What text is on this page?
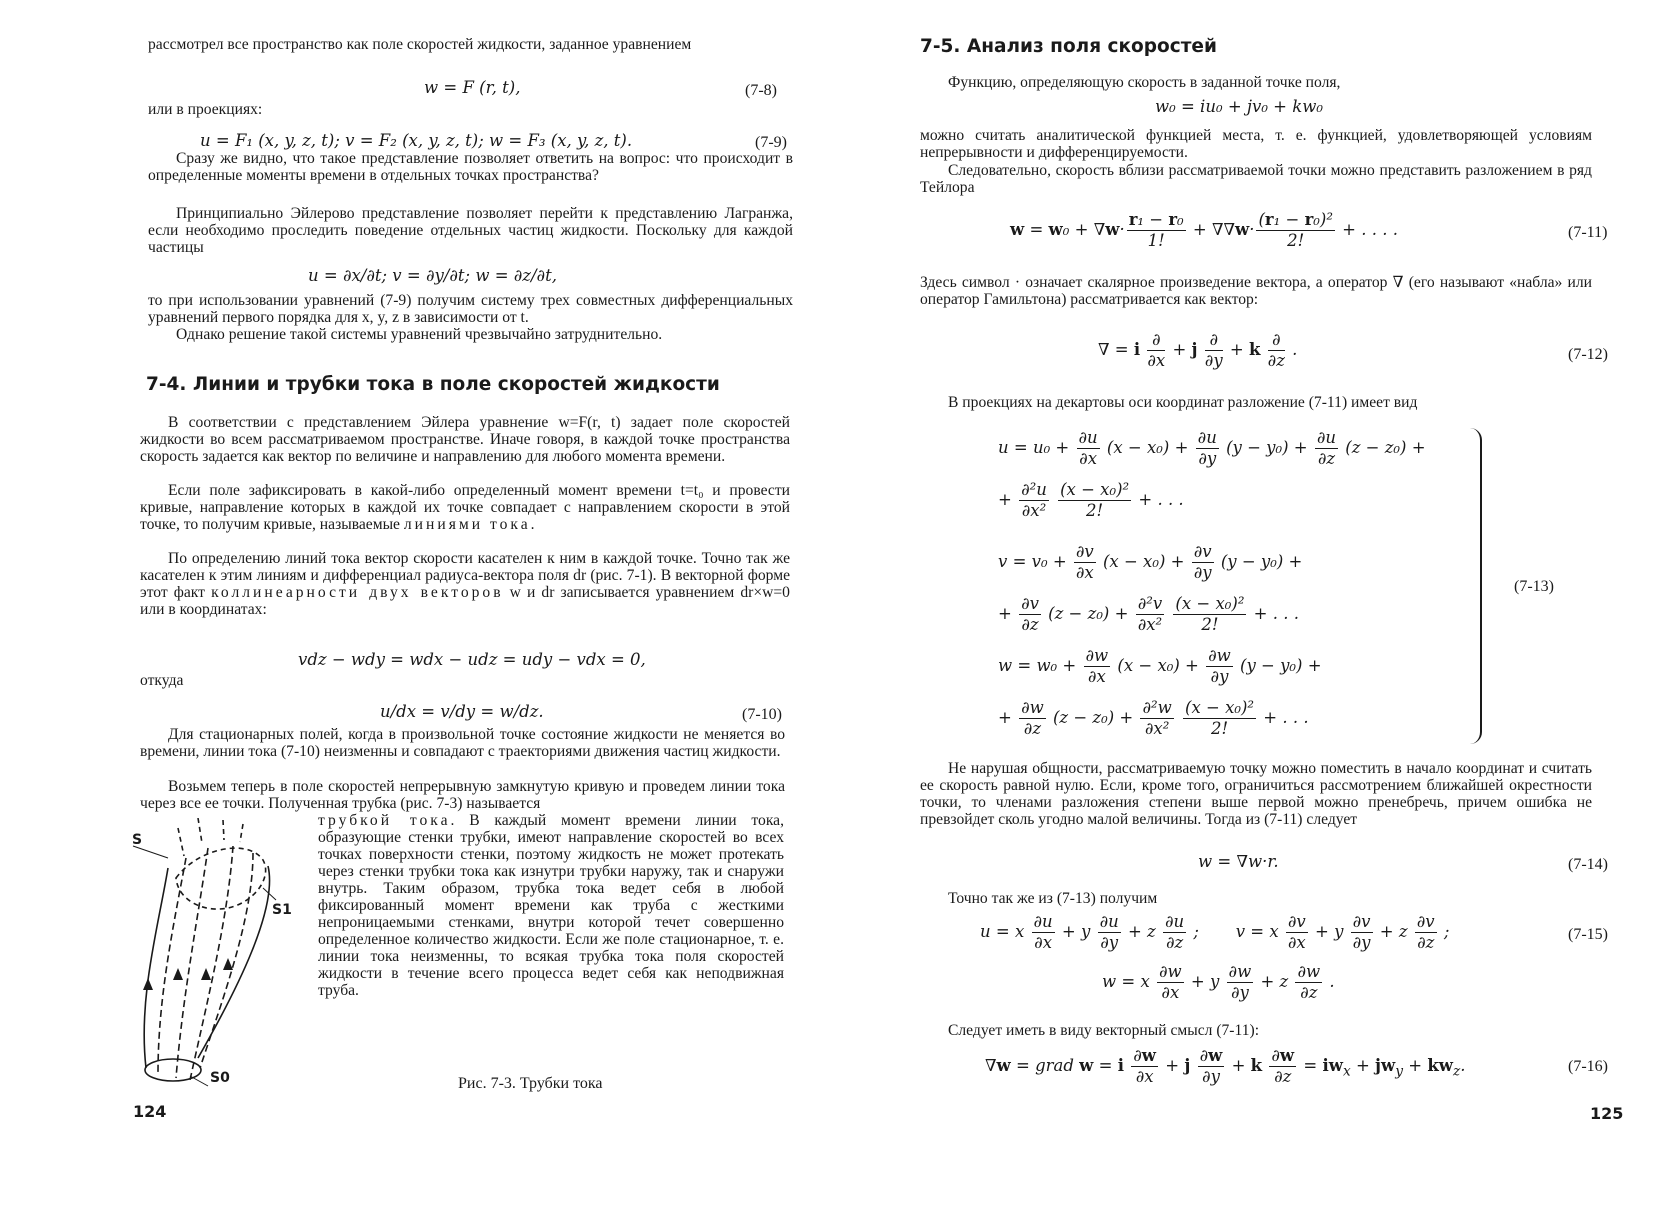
рассмотрел все пространство как поле скоростей жидкости, заданное уравнением

w = F (r, t),	(7-8)

или в проекциях:

u = F₁ (x, y, z, t); v = F₂ (x, y, z, t); w = F₃ (x, y, z, t).	(7-9)

Сразу же видно, что такое представление позволяет ответить на вопрос: что происходит в определенные моменты времени в отдельных точках пространства?

Принципиально Эйлерово представление позволяет перейти к представлению Лагранжа, если необходимо проследить поведение отдельных частиц жидкости. Поскольку для каждой частицы

u = ∂x/∂t; v = ∂y/∂t; w = ∂z/∂t,

то при использовании уравнений (7-9) получим систему трех совместных дифференциальных уравнений первого порядка для x, y, z в зависимости от t.

Однако решение такой системы уравнений чрезвычайно затруднительно.

7-4. Линии и трубки тока в поле скоростей жидкости

В соответствии с представлением Эйлера уравнение w=F(r, t) задает поле скоростей жидкости во всем рассматриваемом пространстве. Иначе говоря, в каждой точке пространства скорость задается как вектор по величине и направлению для любого момента времени.

Если поле зафиксировать в какой-либо определенный момент времени t=t₀ и провести кривые, направление которых в каждой их точке совпадает с направлением скорости в этой точке, то получим кривые, называемые линиями тока.

По определению линий тока вектор скорости касателен к ним в каждой точке. Точно так же касателен к этим линиям и дифференциал радиуса-вектора поля dr (рис. 7-1). В векторной форме этот факт коллинеарности двух векторов w и dr записывается уравнением dr×w=0 или в координатах:

vdz − wdy = wdx − udz = udy − vdx = 0,

откуда

u/dx = v/dy = w/dz.	(7-10)

Для стационарных полей, когда в произвольной точке состояние жидкости не меняется во времени, линии тока (7-10) неизменны и совпадают с траекториями движения частиц жидкости.

Возьмем теперь в поле скоростей непрерывную замкнутую кривую и проведем линии тока через все ее точки. Полученная трубка (рис. 7-3) называется

трубкой тока. В каждый момент времени линии тока, образующие стенки трубки, имеют направление скоростей во всех точках поверхности стенки, поэтому жидкость не может протекать через стенки трубки тока как изнутри трубки наружу, так и снаружи внутрь. Таким образом, трубка тока ведет себя в любой фиксированный момент времени как труба с жесткими непроницаемыми стенками, внутри которой течет совершенно определенное количество жидкости. Если же поле стационарное, т. е. линии тока неизменны, то всякая трубка тока поля скоростей жидкости в течение всего процесса ведет себя как неподвижная труба.

S
S1
S0	Рис. 7-3. Трубки тока
124
7-5. Анализ поля скоростей

Функцию, определяющую скорость в заданной точке поля,

w₀ = iu₀ + jv₀ + kw₀

можно считать аналитической функцией места, т. е. функцией, удовлетворяющей условиям непрерывности и дифференцируемости.

Следовательно, скорость вблизи рассматриваемой точки можно представить разложением в ряд Тейлора

$w = w_0 + \nabla w\cdot \frac{\text{r₁ − r₀}}{1!} + \nabla\nabla w\cdot \frac{\text{(r₁ − r₀)²}}{2!}$ + . . . .	(7-11)

Здесь символ · означает скалярное произведение вектора, а оператор ∇ (его называют «набла» или оператор Гамильтона) рассматривается как вектор:

∇ = i $\frac{\partial}{\partial x} + j \frac{\partial}{\partial y} + k \frac{\partial}{\partial z}$ .	(7-12)

В проекциях на декартовы оси координат разложение (7-11) имеет вид

$u = u_0 + \frac{\partial u}{\partial x} (x - x_0) + \frac{\partial u}{\partial y} (y - y_0) + \frac{\partial u}{\partial z} (z - z_0)$ +
+ $\frac{\text{∂²u}}{\text{∂x²}}$
$\frac{\text{(x − x₀)²}}{2!}$ + . . .
$v = v_0 + \frac{\partial v}{\partial x} (x - x_0) + \frac{\partial v}{\partial y} (y - y_0)$ +
+ $\frac{\partial v}{\partial z} (z - z_0) + \frac{\text{∂²v}}{\text{∂x²}}$
$\frac{\text{(x − x₀)²}}{2!}$ + . . .
$w = w_0 + \frac{\partial w}{\partial x} (x - x_0) + \frac{\partial w}{\partial y} (y - y_0)$ +
+ $\frac{\partial w}{\partial z} (z - z_0) + \frac{\text{∂²w}}{\text{∂x²}}$
$\frac{\text{(x − x₀)²}}{2!}$ + . . .
(7-13)

Не нарушая общности, рассматриваемую точку можно поместить в начало координат и считать ее скорость равной нулю. Если, кроме того, ограничиться рассмотрением ближайшей окрестности точки, то членами разложения степени выше первой можно пренебречь, причем ошибка не превзойдет сколь угодно малой величины. Тогда из (7-11) следует

w = ∇w·r.	(7-14)

Точно так же из (7-13) получим

u = x $\frac{\partial u}{\partial x} + y \frac{\partial u}{\partial y} + z \frac{\partial u}{\partial z}$ ;       v = x $\frac{\partial v}{\partial x} + y \frac{\partial v}{\partial y} + z \frac{\partial v}{\partial z}$ ;	(7-15)
w = x $\frac{\partial w}{\partial x} + y \frac{\partial w}{\partial y} + z \frac{\partial w}{\partial z}$ .

Следует иметь в виду векторный смысл (7-11):

∇w = grad w = i $\frac{\partial w}{\partial x} + j \frac{\partial w}{\partial y} + k \frac{\partial w}{\partial z} = iw_x + jw_y + kw_z$.	(7-16)
125
